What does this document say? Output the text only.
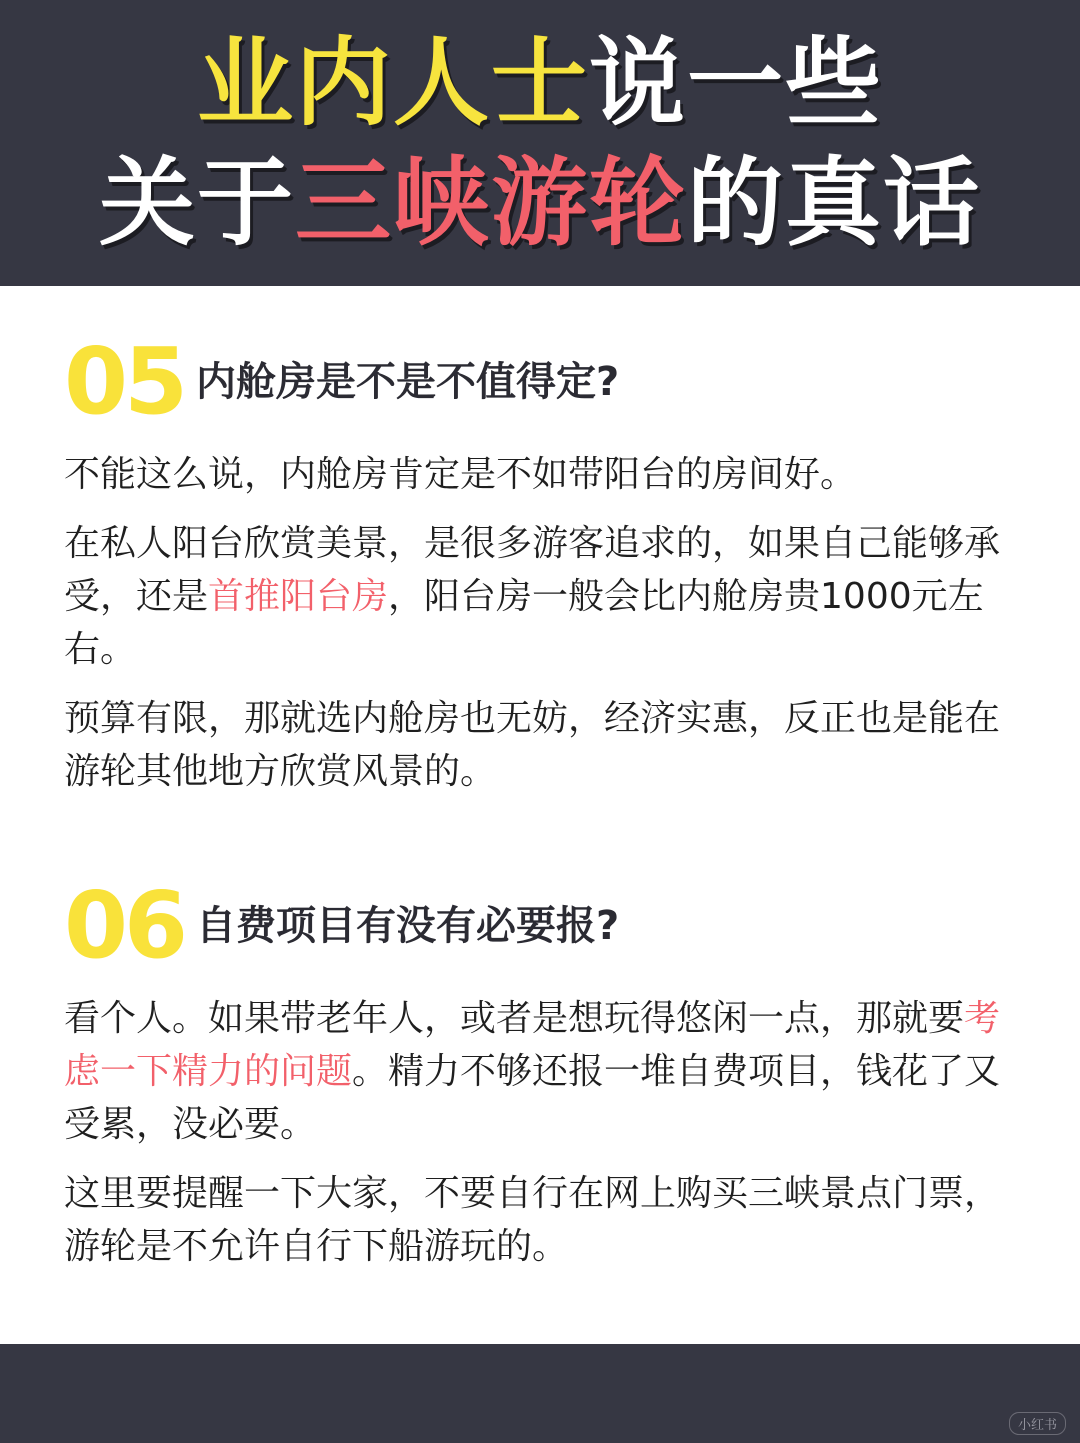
业内人士说一些
关于三峡游轮的真话
05 内舱房是不是不值得定?

不能这么说，内舱房肯定是不如带阳台的房间好。

在私人阳台欣赏美景，是很多游客追求的，如果自己能够承受，还是首推阳台房，阳台房一般会比内舱房贵1000元左右。

预算有限，那就选内舱房也无妨，经济实惠，反正也是能在游轮其他地方欣赏风景的。

06 自费项目有没有必要报?

看个人。如果带老年人，或者是想玩得悠闲一点，那就要考虑一下精力的问题。精力不够还报一堆自费项目，钱花了又受累，没必要。

这里要提醒一下大家，不要自行在网上购买三峡景点门票，游轮是不允许自行下船游玩的。

小红书
